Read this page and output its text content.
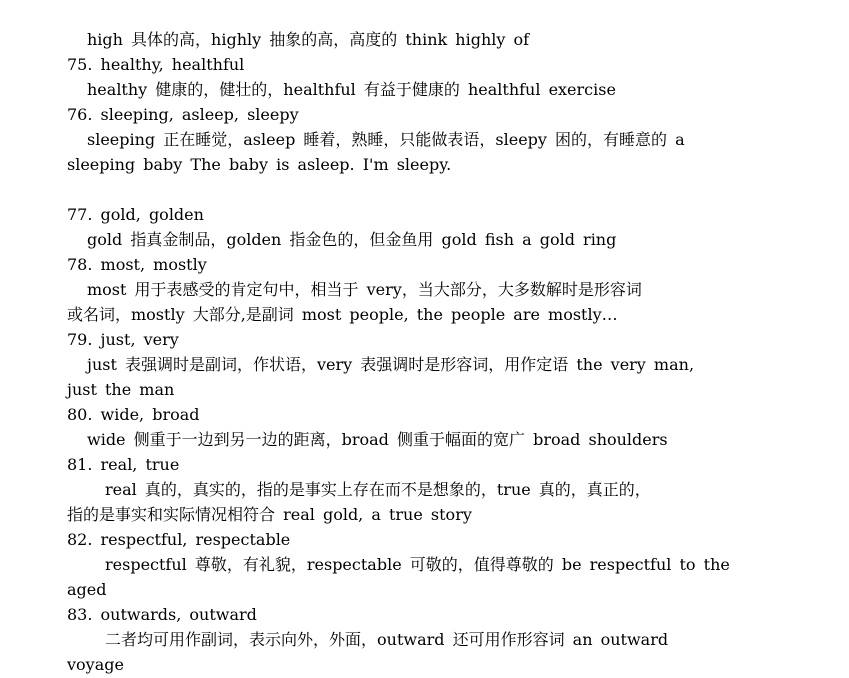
high 具体的高，highly 抽象的高，高度的 think highly of
75. healthy, healthful
healthy 健康的，健壮的，healthful 有益于健康的 healthful exercise
76. sleeping, asleep, sleepy
sleeping 正在睡觉，asleep 睡着，熟睡，只能做表语，sleepy 困的，有睡意的 a
sleeping baby The baby is asleep. I'm sleepy.
77. gold, golden
gold 指真金制品，golden 指金色的，但金鱼用 gold fish a gold ring
78. most, mostly
most 用于表感受的肯定句中，相当于 very，当大部分，大多数解时是形容词
或名词，mostly 大部分,是副词 most people, the people are mostly…
79. just, very
just 表强调时是副词，作状语，very 表强调时是形容词，用作定语 the very man,
just the man
80. wide, broad
wide 侧重于一边到另一边的距离，broad 侧重于幅面的宽广 broad shoulders
81. real, true
real 真的，真实的，指的是事实上存在而不是想象的，true 真的，真正的，
指的是事实和实际情况相符合 real gold, a true story
82. respectful, respectable
respectful 尊敬，有礼貌，respectable 可敬的，值得尊敬的 be respectful to the
aged
83. outwards, outward
二者均可用作副词，表示向外，外面，outward 还可用作形容词 an outward
voyage
